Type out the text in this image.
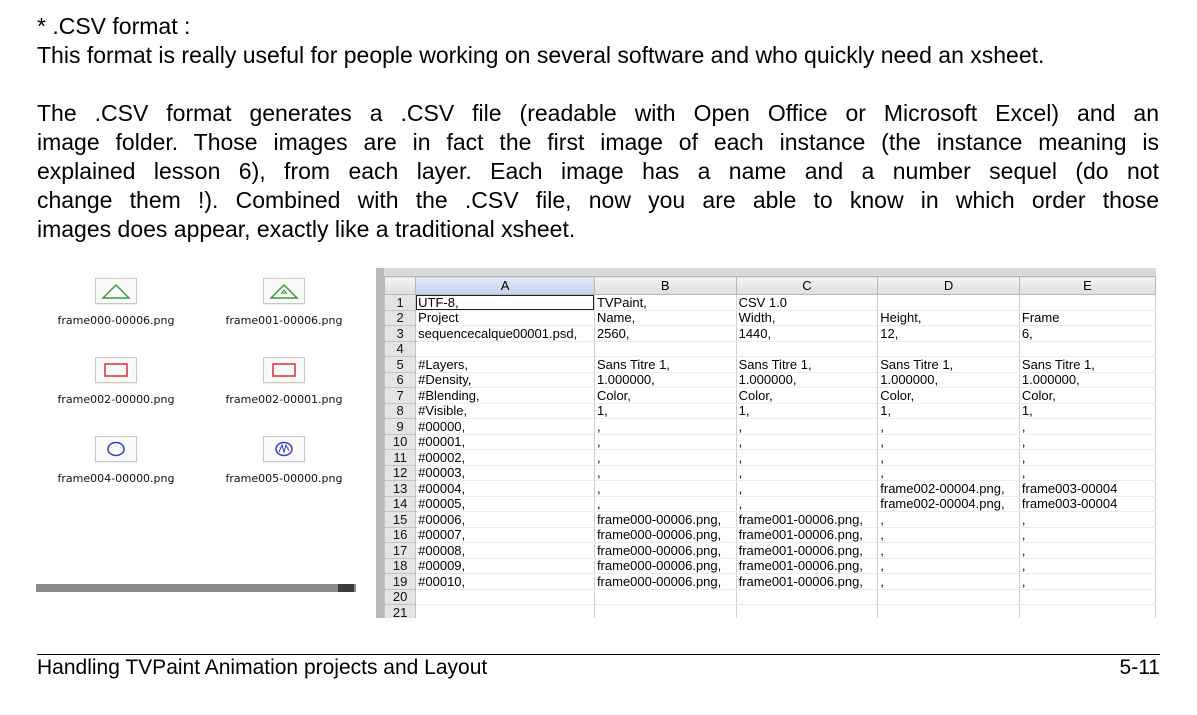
* .CSV format :
This format is really useful for people working on several software and who quickly need an xsheet.
The .CSV format generates a .CSV file (readable with Open Office or Microsoft Excel) and an
image folder. Those images are in fact the first image of each instance (the instance meaning is
explained lesson 6), from each layer. Each image has a name and a number sequel (do not
change them !). Combined with the .CSV file, now you are able to know in which order those
images does appear, exactly like a traditional xsheet.
frame000-00006.png	frame001-00006.png
frame002-00000.png	frame002-00001.png
frame004-00000.png	frame005-00000.png
	A	B	C	D	E
1	UTF-8,	TVPaint,	CSV 1.0		
2	Project	Name,	Width,	Height,	Frame
3	sequencecalque00001.psd,	2560,	1440,	12,	6,
4					
5	#Layers,	Sans Titre 1,	Sans Titre 1,	Sans Titre 1,	Sans Titre 1,
6	#Density,	1.000000,	1.000000,	1.000000,	1.000000,
7	#Blending,	Color,	Color,	Color,	Color,
8	#Visible,	1,	1,	1,	1,
9	#00000,	,	,	,	,
10	#00001,	,	,	,	,
11	#00002,	,	,	,	,
12	#00003,	,	,	,	,
13	#00004,	,	,	frame002-00004.png,	frame003-00004
14	#00005,	,	,	frame002-00004.png,	frame003-00004
15	#00006,	frame000-00006.png,	frame001-00006.png,	,	,
16	#00007,	frame000-00006.png,	frame001-00006.png,	,	,
17	#00008,	frame000-00006.png,	frame001-00006.png,	,	,
18	#00009,	frame000-00006.png,	frame001-00006.png,	,	,
19	#00010,	frame000-00006.png,	frame001-00006.png,	,	,
20					
21					
Handling TVPaint Animation projects and Layout	5-11
